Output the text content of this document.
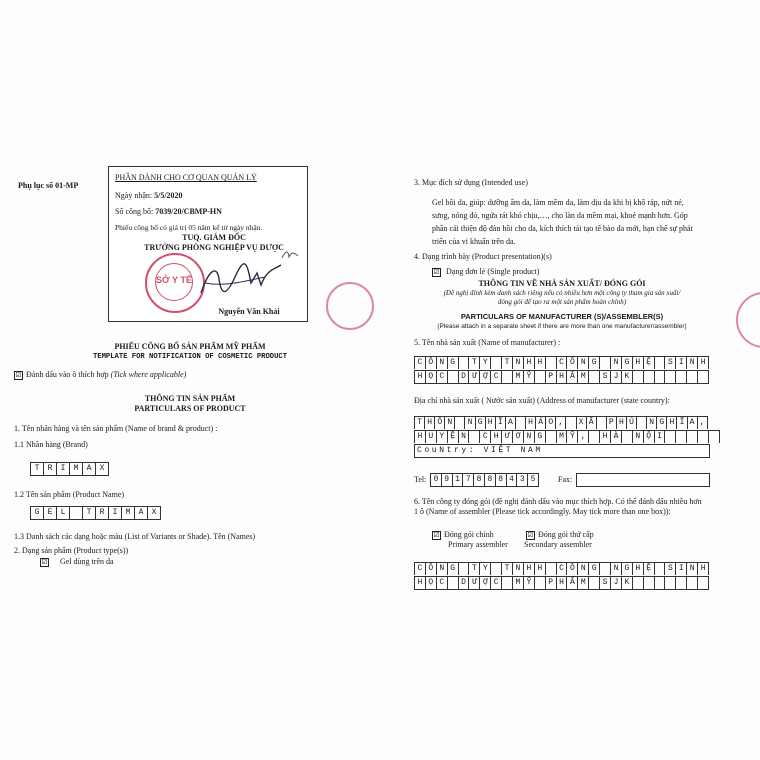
Phụ lục số 01-MP
PHẦN DÀNH CHO CƠ QUAN QUẢN LÝ
Ngày nhận: 5/5/2020
Số công bố: 7039/20/CBMP-HN
Phiếu công bố có giá trị 05 năm kể từ ngày nhận.
TUQ. GIÁM ĐỐC
TRƯỞNG PHÒNG NGHIỆP VỤ DƯỢC
SỞ Y TẾ
Nguyễn Văn Khải
PHIẾU CÔNG BỐ SẢN PHẨM MỸ PHẨM
TEMPLATE FOR NOTIFICATION OF COSMETIC PRODUCT
☑ Đánh dấu vào ô thích hợp (Tick where applicable)
THÔNG TIN SẢN PHẨM
PARTICULARS OF PRODUCT
1. Tên nhãn hàng và tên sản phẩm (Name of brand & product) :
1.1 Nhãn hàng (Brand)
T	R	I	M	A	X
1.2 Tên sản phẩm (Product Name)
G	E	L	T	R	I	M	A	X
1.3 Danh sách các dạng hoặc màu (List of Variants or Shade). Tên (Names)
2. Dạng sản phẩm (Product type(s))
☑ Gel dùng trên da
3. Mục đích sử dụng (Intended use)
Gel bôi da, giúp: dưỡng ẩm da, làm mềm da, làm dịu da khi bị khô ráp, nứt nẻ, sưng, nóng đỏ, ngứa rát khó chịu,…, cho làn da mềm mại, khoẻ mạnh hơn. Góp phần cải thiện độ đàn hồi cho da, kích thích tái tạo tế bào da mới, hạn chế sự phát triển của vi khuẩn trên da.
4. Dạng trình bày (Product presentation)(s)
☑ Dạng đơn lẻ (Single product)
THÔNG TIN VỀ NHÀ SẢN XUẤT/ ĐÓNG GÓI
(Đề nghị đính kèm danh sách riêng nếu có nhiều hơn một công ty tham gia sản xuất/
đóng gói để tạo ra một sản phẩm hoàn chỉnh)
PARTICULARS OF MANUFACTURER (S)/ASSEMBLER(S)
(Please attach in a separate sheet if there are more than one manufacturer/assembler)
5. Tên nhà sản xuất (Name of manufacturer) :
C Ô N G	T Y	T N H H	C Ô N G	N G H Ệ	S I N H
H Ọ C	D Ư Ợ C	M Ỹ	P H Ẩ M	S J K
Địa chỉ nhà sản xuất ( Nước sản xuất) (Address of manufacturer (state country):
T H Ô N	N G H Ĩ A	H Ả O ,	X Ã	P H Ú	N G H Ĩ A ,
H U Y Ệ N	C H Ư Ơ N G	M Ỹ ,	H À	N Ộ I
CouNtry: VIỆT NAM
Tel: 0 9 1 7 8 8 8 4 3 5	Fax:
6. Tên công ty đóng gói (đề nghị đánh dấu vào mục thích hợp. Có thể đánh dấu nhiều hơn 1 ô (Name of assembler (Please tick accordingly. May tick more than one box)):
☑ Đóng gói chính
Primary assembler
☑ Đóng gói thứ cấp
Secondary assembler
C Ô N G	T Y	T N H H	C Ô N G	N G H Ệ	S I N H
H Ọ C	D Ư Ợ C	M Ỹ	P H Ẩ M	S J K
